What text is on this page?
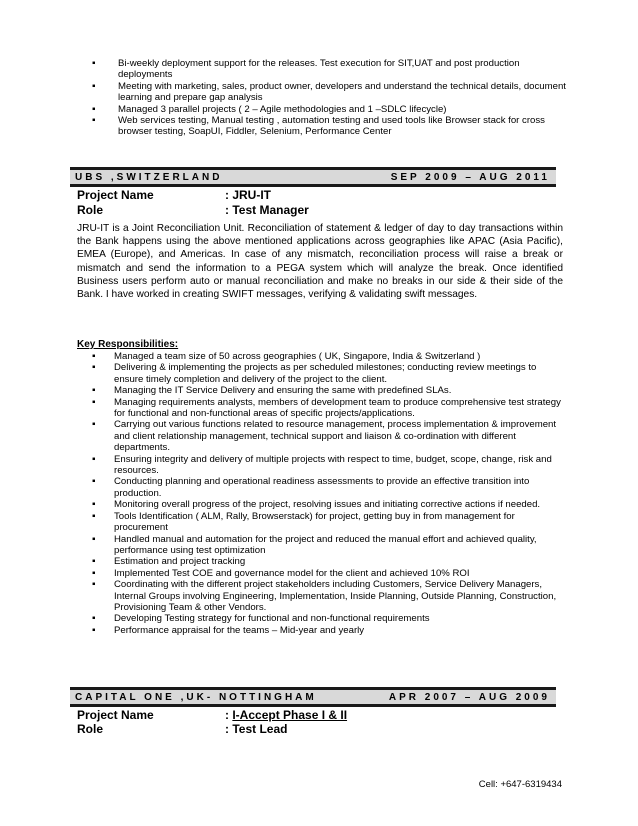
▪ Bi-weekly deployment support for the releases. Test execution for SIT,UAT and post production deployments
▪ Meeting with marketing, sales, product owner, developers and understand the technical details, document learning and prepare gap analysis
▪ Managed 3 parallel projects ( 2 – Agile methodologies and 1 –SDLC lifecycle)
▪ Web services testing, Manual testing , automation testing and used tools like Browser stack for cross browser testing, SoapUI, Fiddler, Selenium, Performance Center
UBS ,SWITZERLAND	SEP 2009 – AUG 2011
Project Name	: JRU-IT
Role	: Test Manager
JRU-IT is a Joint Reconciliation Unit. Reconciliation of statement & ledger of day to day transactions within the Bank happens using the above mentioned applications across geographies like APAC (Asia Pacific), EMEA (Europe), and Americas. In case of any mismatch, reconciliation process will raise a break or mismatch and send the information to a PEGA system which will analyze the break. Once identified Business users perform auto or manual reconciliation and make no breaks in our side & their side of the Bank. I have worked in creating SWIFT messages, verifying & validating swift messages.
Key Responsibilities:
▪ Managed a team size of 50 across geographies ( UK, Singapore, India & Switzerland )
▪ Delivering & implementing the projects as per scheduled milestones; conducting review meetings to ensure timely completion and delivery of the project to the client.
▪ Managing the IT Service Delivery and ensuring the same with predefined SLAs.
▪ Managing requirements analysts, members of development team to produce comprehensive test strategy for functional and non-functional areas of specific projects/applications.
▪ Carrying out various functions related to resource management, process implementation & improvement and client relationship management, technical support and liaison & co-ordination with different departments.
▪ Ensuring integrity and delivery of multiple projects with respect to time, budget, scope, change, risk and resources.
▪ Conducting planning and operational readiness assessments to provide an effective transition into production.
▪ Monitoring overall progress of the project, resolving issues and initiating corrective actions if needed.
▪ Tools Identification ( ALM, Rally, Browserstack) for project, getting buy in from management for procurement
▪ Handled manual and automation for the project and reduced the manual effort and achieved quality, performance using test optimization
▪ Estimation and project tracking
▪ Implemented Test COE and governance model for the client and achieved 10% ROI
▪ Coordinating with the different project stakeholders including Customers, Service Delivery Managers, Internal Groups involving Engineering, Implementation, Inside Planning, Outside Planning, Construction, Provisioning Team & other Vendors.
▪ Developing Testing strategy for functional and non-functional requirements
▪ Performance appraisal for the teams – Mid-year and yearly
CAPITAL ONE ,UK- NOTTINGHAM	APR 2007 – AUG 2009
Project Name	: I-Accept Phase I & II
Role	: Test Lead
Cell: +647-6319434
